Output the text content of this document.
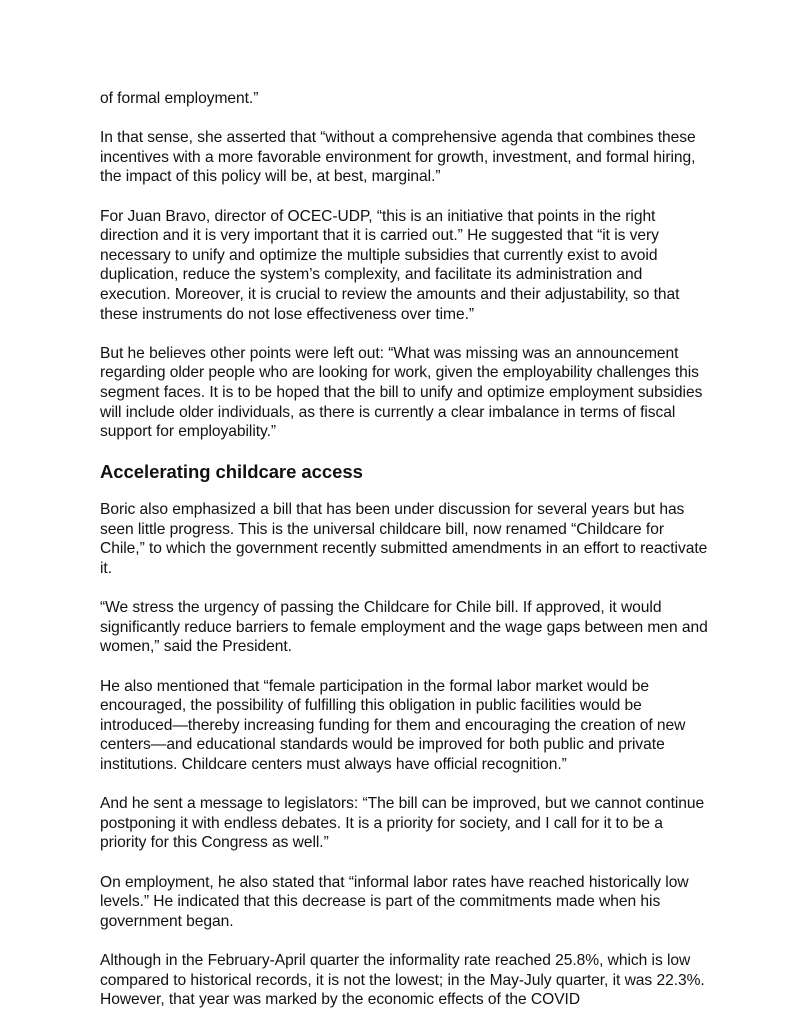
of formal employment.”

In that sense, she asserted that “without a comprehensive agenda that combines these incentives with a more favorable environment for growth, investment, and formal hiring, the impact of this policy will be, at best, marginal.”

For Juan Bravo, director of OCEC-UDP, “this is an initiative that points in the right direction and it is very important that it is carried out.” He suggested that “it is very necessary to unify and optimize the multiple subsidies that currently exist to avoid duplication, reduce the system’s complexity, and facilitate its administration and execution. Moreover, it is crucial to review the amounts and their adjustability, so that these instruments do not lose effectiveness over time.”

But he believes other points were left out: “What was missing was an announcement regarding older people who are looking for work, given the employability challenges this segment faces. It is to be hoped that the bill to unify and optimize employment subsidies will include older individuals, as there is currently a clear imbalance in terms of fiscal support for employability.”

Accelerating childcare access

Boric also emphasized a bill that has been under discussion for several years but has seen little progress. This is the universal childcare bill, now renamed “Childcare for Chile,” to which the government recently submitted amendments in an effort to reactivate it.

“We stress the urgency of passing the Childcare for Chile bill. If approved, it would significantly reduce barriers to female employment and the wage gaps between men and women,” said the President.

He also mentioned that “female participation in the formal labor market would be encouraged, the possibility of fulfilling this obligation in public facilities would be introduced—thereby increasing funding for them and encouraging the creation of new centers—and educational standards would be improved for both public and private institutions. Childcare centers must always have official recognition.”

And he sent a message to legislators: “The bill can be improved, but we cannot continue postponing it with endless debates. It is a priority for society, and I call for it to be a priority for this Congress as well.”

On employment, he also stated that “informal labor rates have reached historically low levels.” He indicated that this decrease is part of the commitments made when his government began.

Although in the February-April quarter the informality rate reached 25.8%, which is low compared to historical records, it is not the lowest; in the May-July quarter, it was 22.3%. However, that year was marked by the economic effects of the COVID
